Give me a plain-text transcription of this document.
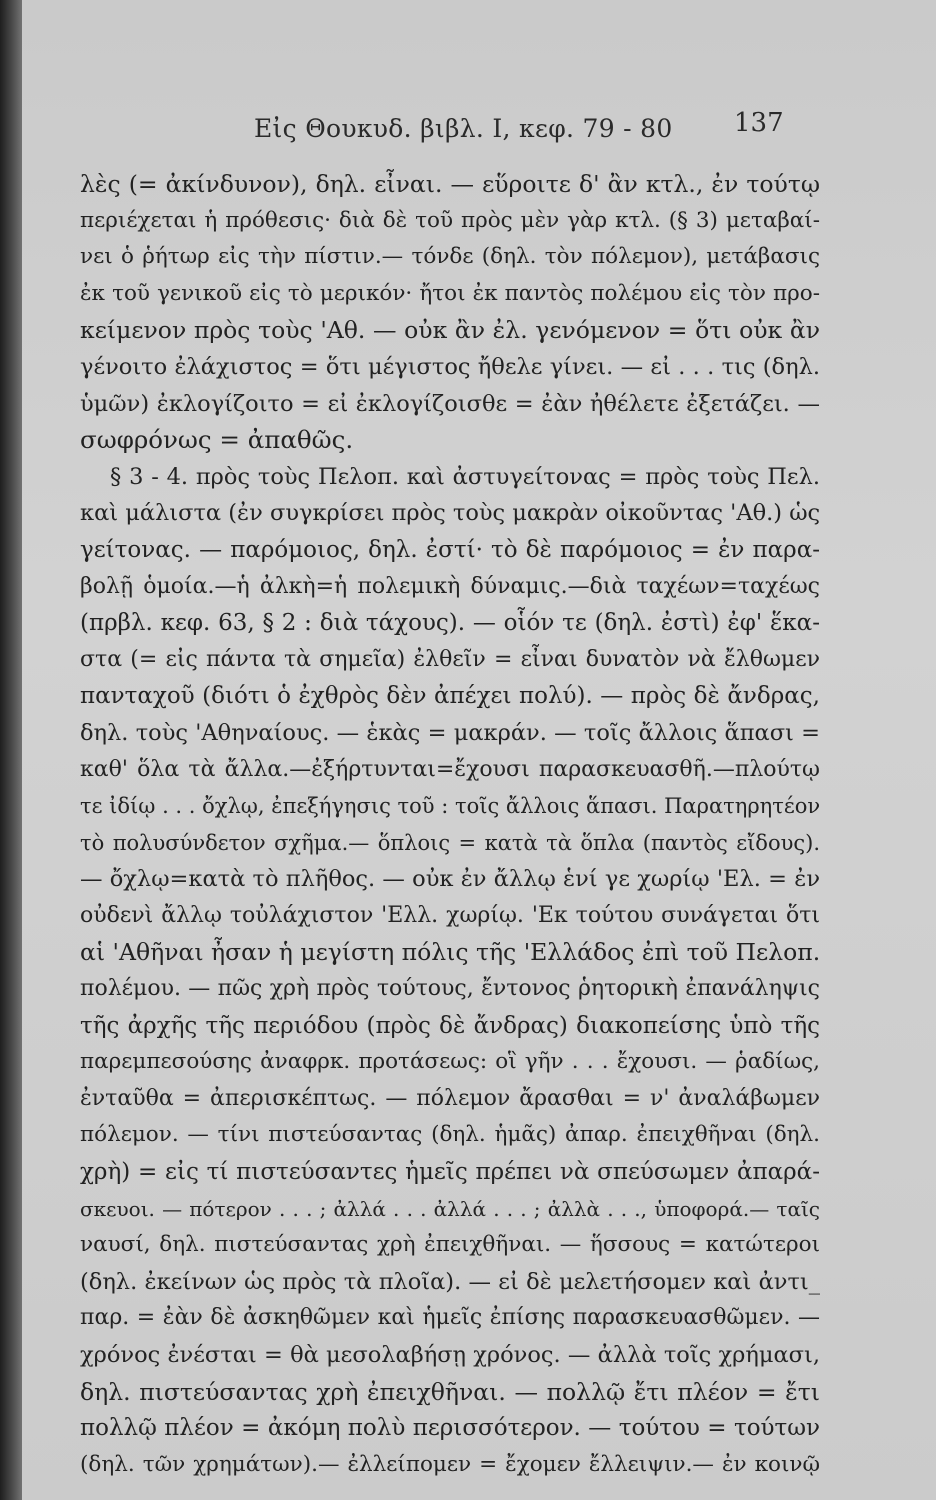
Εἰς Θουκυδ. βιβλ. Ι, κεφ. 79 - 80 137
λὲς (= ἀκίνδυνον), δηλ. εἶναι. — εὕροιτε δ' ἂν κτλ., ἐν τούτῳ
περιέχεται ἡ πρόθεσις· διὰ δὲ τοῦ πρὸς μὲν γὰρ κτλ. (§ 3) μεταβαί-
νει ὁ ῥήτωρ εἰς τὴν πίστιν.— τόνδε (δηλ. τὸν πόλεμον), μετάβασις
ἐκ τοῦ γενικοῦ εἰς τὸ μερικόν· ἤτοι ἐκ παντὸς πολέμου εἰς τὸν προ-
κείμενον πρὸς τοὺς 'Αθ. — οὐκ ἂν ἐλ. γενόμενον = ὅτι οὐκ ἂν
γένοιτο ἐλάχιστος = ὅτι μέγιστος ἤθελε γίνει. — εἰ . . . τις (δηλ.
ὑμῶν) ἐκλογίζοιτο = εἰ ἐκλογίζοισθε = ἐὰν ἠθέλετε ἐξετάζει. —
σωφρόνως = ἀπαθῶς.
§ 3 - 4. πρὸς τοὺς Πελοπ. καὶ ἀστυγείτονας = πρὸς τοὺς Πελ.
καὶ μάλιστα (ἐν συγκρίσει πρὸς τοὺς μακρὰν οἰκοῦντας 'Αθ.) ὡς
γείτονας. — παρόμοιος, δηλ. ἐστί· τὸ δὲ παρόμοιος = ἐν παρα-
βολῇ ὁμοία.—ἡ ἀλκὴ=ἡ πολεμικὴ δύναμις.—διὰ ταχέων=ταχέως
(πρβλ. κεφ. 63, § 2 : διὰ τάχους). — οἷόν τε (δηλ. ἐστὶ) ἐφ' ἕκα-
στα (= εἰς πάντα τὰ σημεῖα) ἐλθεῖν = εἶναι δυνατὸν νὰ ἔλθωμεν
πανταχοῦ (διότι ὁ ἐχθρὸς δὲν ἀπέχει πολύ). — πρὸς δὲ ἄνδρας,
δηλ. τοὺς 'Αθηναίους. — ἑκὰς = μακράν. — τοῖς ἄλλοις ἅπασι =
καθ' ὅλα τὰ ἄλλα.—ἐξήρτυνται=ἔχουσι παρασκευασθῆ.—πλούτῳ
τε ἰδίῳ . . . ὄχλῳ, ἐπεξήγησις τοῦ : τοῖς ἄλλοις ἅπασι. Παρατηρητέον
τὸ πολυσύνδετον σχῆμα.— ὅπλοις = κατὰ τὰ ὅπλα (παντὸς εἴδους).
— ὄχλῳ=κατὰ τὸ πλῆθος. — οὐκ ἐν ἄλλῳ ἑνί γε χωρίῳ 'Ελ. = ἐν
οὐδενὶ ἄλλῳ τοὐλάχιστον 'Ελλ. χωρίῳ. 'Εκ τούτου συνάγεται ὅτι
αἱ 'Αθῆναι ἦσαν ἡ μεγίστη πόλις τῆς 'Ελλάδος ἐπὶ τοῦ Πελοπ.
πολέμου. — πῶς χρὴ πρὸς τούτους, ἔντονος ῥητορικὴ ἐπανάληψις
τῆς ἀρχῆς τῆς περιόδου (πρὸς δὲ ἄνδρας) διακοπείσης ὑπὸ τῆς
παρεμπεσούσης ἀναφρκ. προτάσεως: οἳ γῆν . . . ἔχουσι. — ῥαδίως,
ἐνταῦθα = ἀπερισκέπτως. — πόλεμον ἄρασθαι = ν' ἀναλάβωμεν
πόλεμον. — τίνι πιστεύσαντας (δηλ. ἡμᾶς) ἀπαρ. ἐπειχθῆναι (δηλ.
χρὴ) = εἰς τί πιστεύσαντες ἡμεῖς πρέπει νὰ σπεύσωμεν ἀπαρά-
σκευοι. — πότερον . . . ; ἀλλά . . . ἀλλά . . . ; ἀλλὰ . . ., ὑποφορά.— ταῖς
ναυσί, δηλ. πιστεύσαντας χρὴ ἐπειχθῆναι. — ἥσσους = κατώτεροι
(δηλ. ἐκείνων ὡς πρὸς τὰ πλοῖα). — εἰ δὲ μελετήσομεν καὶ ἀντι_
παρ. = ἐὰν δὲ ἀσκηθῶμεν καὶ ἡμεῖς ἐπίσης παρασκευασθῶμεν. —
χρόνος ἐνέσται = θὰ μεσολαβήσῃ χρόνος. — ἀλλὰ τοῖς χρήμασι,
δηλ. πιστεύσαντας χρὴ ἐπειχθῆναι. — πολλῷ ἔτι πλέον = ἔτι
πολλῷ πλέον = ἀκόμη πολὺ περισσότερον. — τούτου = τούτων
(δηλ. τῶν χρημάτων).— ἐλλείπομεν = ἔχομεν ἔλλειψιν.— ἐν κοινῷ
